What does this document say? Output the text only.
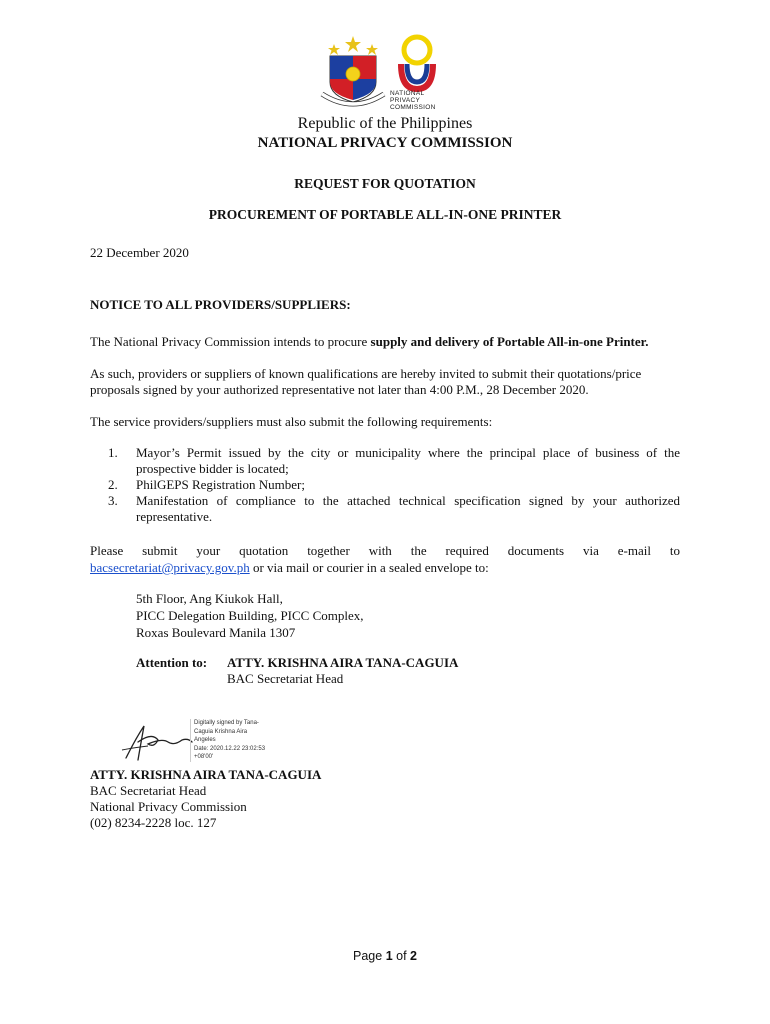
NATIONAL
PRIVACY
COMMISSION
Republic of the Philippines
NATIONAL PRIVACY COMMISSION
REQUEST FOR QUOTATION
PROCUREMENT OF PORTABLE ALL-IN-ONE PRINTER
22 December 2020
NOTICE TO ALL PROVIDERS/SUPPLIERS:
The National Privacy Commission intends to procure supply and delivery of Portable All-in-one Printer.
As such, providers or suppliers of known qualifications are hereby invited to submit their quotations/price proposals signed by your authorized representative not later than 4:00 P.M., 28 December 2020.
The service providers/suppliers must also submit the following requirements:
1.	Mayor’s Permit issued by the city or municipality where the principal place of business of the prospective bidder is located;
2.	PhilGEPS Registration Number;
3.	Manifestation of compliance to the attached technical specification signed by your authorized representative.
Please submit your quotation together with the required documents via e-mail to
bacsecretariat@privacy.gov.ph or via mail or courier in a sealed envelope to:
5th Floor, Ang Kiukok Hall,
PICC Delegation Building, PICC Complex,
Roxas Boulevard Manila 1307
Attention to: ATTY. KRISHNA AIRA TANA-CAGUIA
BAC Secretariat Head
Digitally signed by Tana-
Caguia Krishna Aira
Angeles
Date: 2020.12.22 23:02:53
+08'00'
ATTY. KRISHNA AIRA TANA-CAGUIA
BAC Secretariat Head
National Privacy Commission
(02) 8234-2228 loc. 127
Page 1 of 2
